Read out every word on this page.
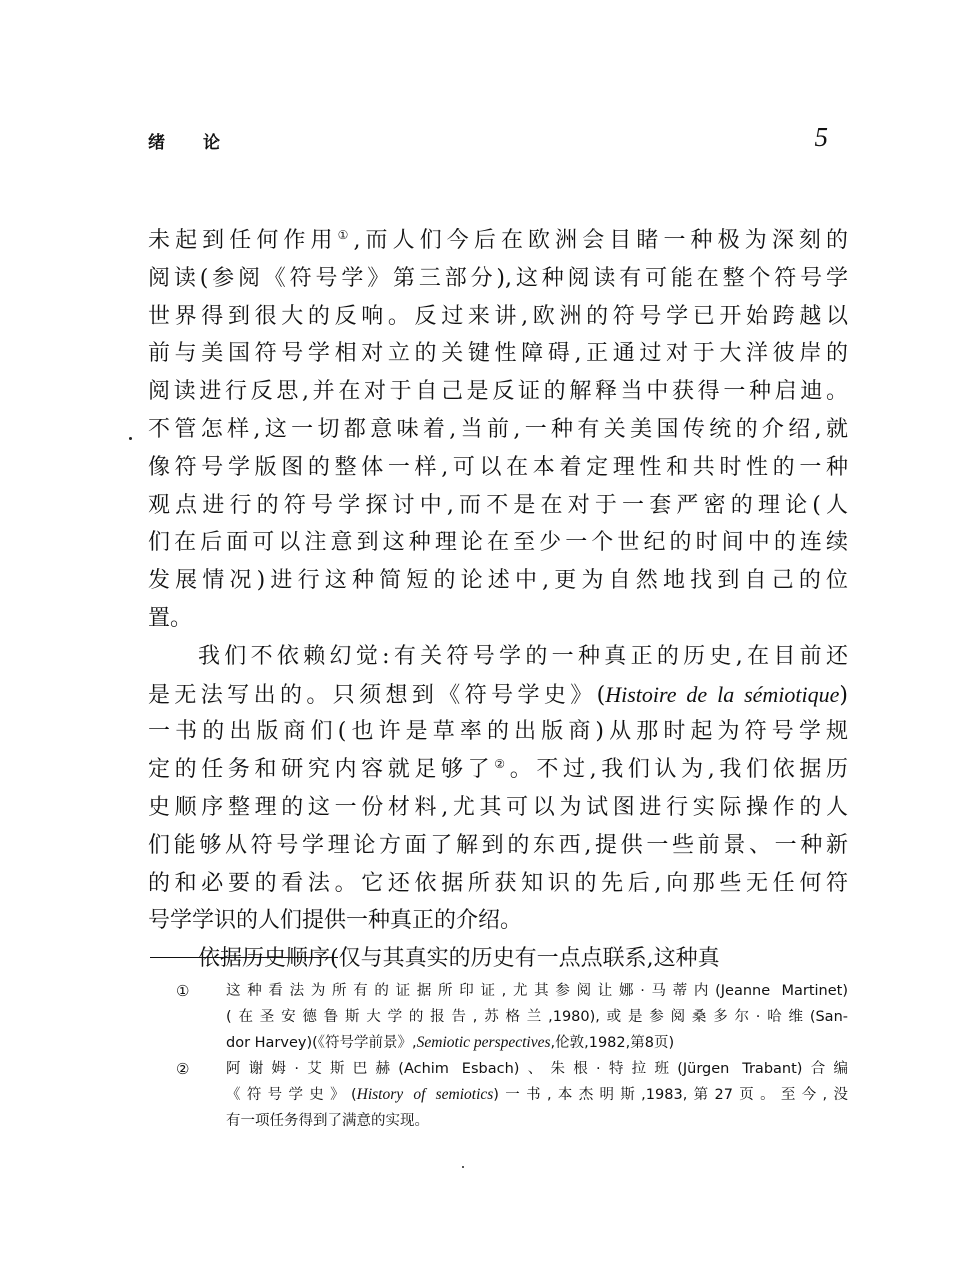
绪论	5
未起到任何作用①,而人们今后在欧洲会目睹一种极为深刻的
阅读(参阅《符号学》第三部分),这种阅读有可能在整个符号学
世界得到很大的反响。反过来讲,欧洲的符号学已开始跨越以
前与美国符号学相对立的关键性障碍,正通过对于大洋彼岸的
阅读进行反思,并在对于自己是反证的解释当中获得一种启迪。
不管怎样,这一切都意味着,当前,一种有关美国传统的介绍,就
像符号学版图的整体一样,可以在本着定理性和共时性的一种
观点进行的符号学探讨中,而不是在对于一套严密的理论(人
们在后面可以注意到这种理论在至少一个世纪的时间中的连续
发展情况)进行这种简短的论述中,更为自然地找到自己的位
置。
我们不依赖幻觉:有关符号学的一种真正的历史,在目前还
是无法写出的。只须想到《符号学史》(Histoire de la sémiotique)
一书的出版商们(也许是草率的出版商)从那时起为符号学规
定的任务和研究内容就足够了②。不过,我们认为,我们依据历
史顺序整理的这一份材料,尤其可以为试图进行实际操作的人
们能够从符号学理论方面了解到的东西,提供一些前景、一种新
的和必要的看法。它还依据所获知识的先后,向那些无任何符
号学学识的人们提供一种真正的介绍。
依据历史顺序(仅与其真实的历史有一点点联系,这种真
①	这种看法为所有的证据所印证,尤其参阅让娜·马蒂内(Jeanne Martinet)
(在圣安德鲁斯大学的报告,苏格兰,1980),或是参阅桑多尔·哈维(San-
dor Harvey)(《符号学前景》,Semiotic perspectives,伦敦,1982,第8页)
②	阿谢姆·艾斯巴赫(Achim Esbach)、朱根·特拉班(Jürgen Trabant)合编
《符号学史》(History of semiotics)一书,本杰明斯,1983,第27页。至今,没
有一项任务得到了满意的实现。
